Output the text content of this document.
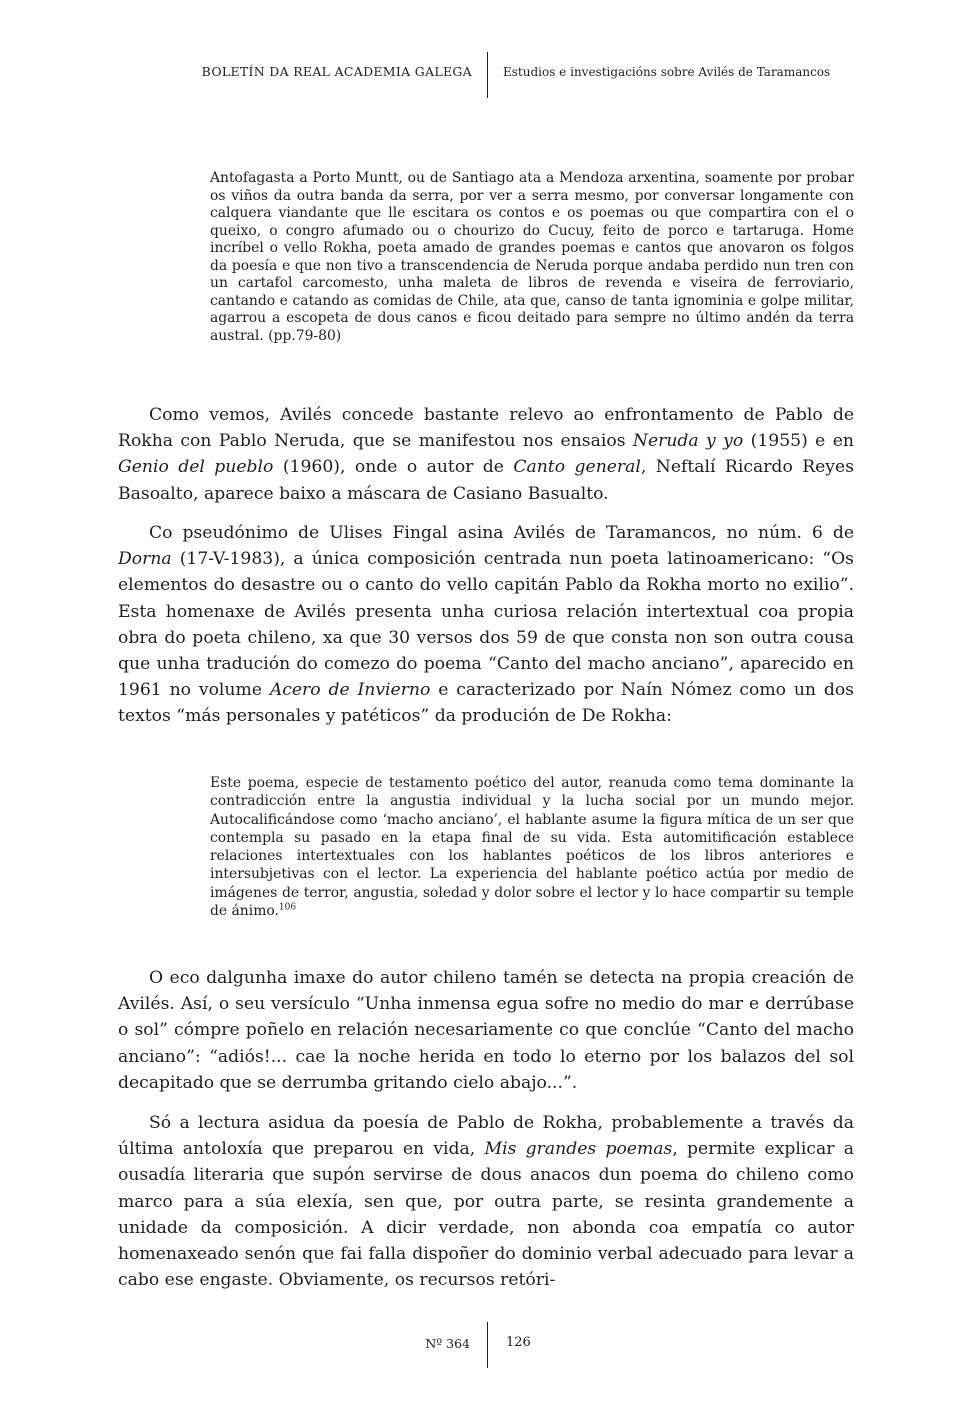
BOLETÍN DA REAL ACADEMIA GALEGA	Estudios e investigacións sobre Avilés de Taramancos
Antofagasta a Porto Muntt, ou de Santiago ata a Mendoza arxentina, soamente por probar os viños da outra banda da serra, por ver a serra mesmo, por conversar longamente con calquera viandante que lle escitara os contos e os poemas ou que compartira con el o queixo, o congro afumado ou o chourizo do Cucuy, feito de porco e tartaruga. Home incríbel o vello Rokha, poeta amado de grandes poemas e cantos que anovaron os folgos da poesía e que non tivo a transcendencia de Neruda porque andaba perdido nun tren con un cartafol carcomesto, unha maleta de libros de revenda e viseira de ferroviario, cantando e catando as comidas de Chile, ata que, canso de tanta ignominia e golpe militar, agarrou a escopeta de dous canos e ficou deitado para sempre no último andén da terra austral. (pp.79-80)

Como vemos, Avilés concede bastante relevo ao enfrontamento de Pablo de Rokha con Pablo Neruda, que se manifestou nos ensaios Neruda y yo (1955) e en Genio del pueblo (1960), onde o autor de Canto general, Neftalí Ricardo Reyes Basoalto, aparece baixo a máscara de Casiano Basualto.

Co pseudónimo de Ulises Fingal asina Avilés de Taramancos, no núm. 6 de Dorna (17-V-1983), a única composición centrada nun poeta latinoamericano: “Os elementos do desastre ou o canto do vello capitán Pablo da Rokha morto no exilio”. Esta homenaxe de Avilés presenta unha curiosa relación intertextual coa propia obra do poeta chileno, xa que 30 versos dos 59 de que consta non son outra cousa que unha tradución do comezo do poema “Canto del macho anciano”, aparecido en 1961 no volume Acero de Invierno e caracterizado por Naín Nómez como un dos textos “más personales y patéticos” da produción de De Rokha:

Este poema, especie de testamento poético del autor, reanuda como tema dominante la contradicción entre la angustia individual y la lucha social por un mundo mejor. Autocalificándose como ‘macho anciano’, el hablante asume la figura mítica de un ser que contempla su pasado en la etapa final de su vida. Esta automitificación establece relaciones intertextuales con los hablantes poéticos de los libros anteriores e intersubjetivas con el lector. La experiencia del hablante poético actúa por medio de imágenes de terror, angustia, soledad y dolor sobre el lector y lo hace compartir su temple de ánimo.$^{106}$

O eco dalgunha imaxe do autor chileno tamén se detecta na propia creación de Avilés. Así, o seu versículo “Unha inmensa egua sofre no medio do mar e derrúbase o sol” cómpre poñelo en relación necesariamente co que conclúe “Canto del macho anciano”: “adiós!... cae la noche herida en todo lo eterno por los balazos del sol decapitado que se derrumba gritando cielo abajo...”.

Só a lectura asidua da poesía de Pablo de Rokha, probablemente a través da última antoloxía que preparou en vida, Mis grandes poemas, permite explicar a ousadía literaria que supón servirse de dous anacos dun poema do chileno como marco para a súa elexía, sen que, por outra parte, se resinta grandemente a unidade da composición. A dicir verdade, non abonda coa empatía co autor homenaxeado senón que fai falla dispoñer do dominio verbal adecuado para levar a cabo ese engaste. Obviamente, os recursos retóri-

Nº 364	126
